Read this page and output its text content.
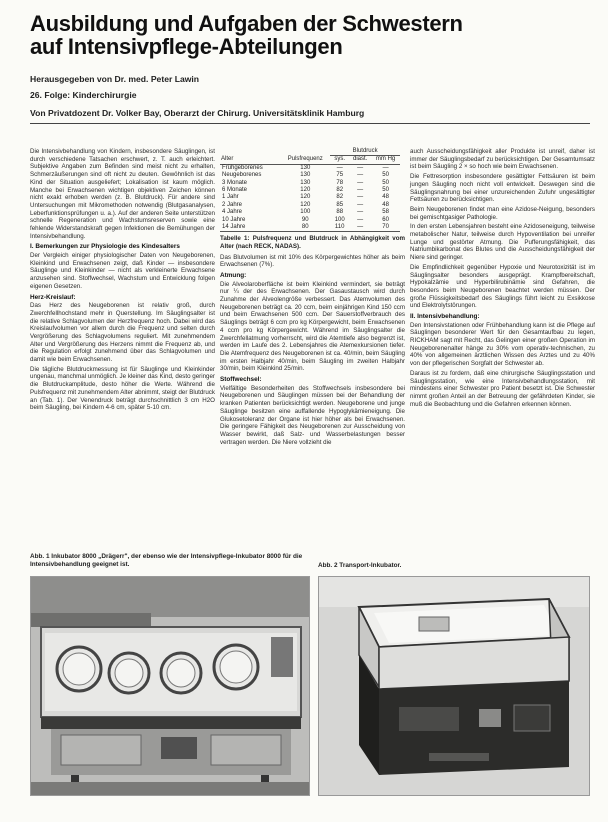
Ausbildung und Aufgaben der Schwestern
auf Intensivpflege-Abteilungen
Herausgegeben von Dr. med. Peter Lawin
26. Folge: Kinderchirurgie
Von Privatdozent Dr. Volker Bay, Oberarzt der Chirurg. Universitätsklinik Hamburg

Die Intensivbehandlung von Kindern, insbesondere Säuglingen, ist durch verschiedene Tatsachen erschwert, z. T. auch erleichtert. Subjektive Angaben zum Befinden sind meist nicht zu erhalten, Schmerzäußerungen sind oft nicht zu deuten. Gewöhnlich ist das Kind der Situation ausgeliefert; Lokalisation ist kaum möglich. Manche bei Erwachsenen wichtigen objektiven Zeichen können nicht exakt erhoben werden (z. B. Blutdruck). Für andere sind Untersuchungen mit Mikromethoden notwendig (Blutgasanalysen, Leberfunktionsprüfungen u. a.). Auf der anderen Seite unterstützen schnelle Regeneration und Wachstumsreserven sowie eine fehlende Widerstandskraft gegen Infektionen die Bemühungen der Intensivbehandlung.

I. Bemerkungen zur Physiologie des Kindesalters

Der Vergleich einiger physiologischer Daten von Neugeborenen, Kleinkind und Erwachsenen zeigt, daß Kinder — insbesondere Säuglinge und Kleinkinder — nicht als verkleinerte Erwachsene anzusehen sind. Stoffwechsel, Wachstum und Entwicklung folgen eigenen Gesetzen.

Herz-Kreislauf:

Das Herz des Neugeborenen ist relativ groß, durch Zwerchfellhochstand mehr in Querstellung. Im Säuglingsalter ist die relative Schlagvolumen der Herzfrequenz hoch. Dabei wird das Kreislaufvolumen vor allem durch die Frequenz und selten durch Vergrößerung des Schlagvolumens reguliert. Mit zunehmendem Alter und Vergrößerung des Herzens nimmt die Frequenz ab, und die Regulation erfolgt zunehmend über das Schlagvolumen und damit wie beim Erwachsenen.

Die tägliche Blutdruckmessung ist für Säuglinge und Kleinkinder ungenau, manchmal unmöglich. Je kleiner das Kind, desto geringer die Blutdruckamplitude, desto höher die Werte. Während die Pulsfrequenz mit zunehmendem Alter abnimmt, steigt der Blutdruck an (Tab. 1). Der Venendruck beträgt durchschnittlich 3 cm H2O beim Säugling, bei Kindern 4-6 cm, später 5-10 cm.

		Blutdruck		
Alter	Pulsfrequenz	sys.	diast.	mm Hg
Frühgeborenes	130	—	—	—
Neugeborenes	130	75	—	50
3 Monate	130	78	—	50
6 Monate	120	82	—	50
1 Jahr	120	82	—	48
2 Jahre	120	85	—	48
4 Jahre	100	88	—	58
10 Jahre	90	100	—	60
14 Jahre	80	110	—	70
Tabelle 1: Pulsfrequenz und Blutdruck in Abhängigkeit vom Alter (nach RECK, NADAS).

Das Blutvolumen ist mit 10% des Körpergewichtes höher als beim Erwachsenen (7%).

Atmung:

Die Alveolaroberfläche ist beim Kleinkind vermindert, sie beträgt nur ¼ der des Erwachsenen. Der Gasaustausch wird durch Zunahme der Alveolengröße verbessert. Das Atemvolumen des Neugeborenen beträgt ca. 20 ccm, beim einjährigen Kind 150 ccm und beim Erwachsenen 500 ccm. Der Sauerstoffverbrauch des Säuglings beträgt 6 ccm pro kg Körpergewicht, beim Erwachsenen 4 ccm pro kg Körpergewicht. Während im Säuglingsalter die Zwerchfellatmung vorherrscht, wird die Atemtiefe also begrenzt ist, werden im Laufe des 2. Lebensjahres die Atemexkursionen tiefer. Die Atemfrequenz des Neugeborenen ist ca. 40/min, beim Säugling im ersten Halbjahr 40/min, beim Säugling im zweiten Halbjahr 30/min, beim Kleinkind 25/min.

Stoffwechsel:

Vielfältige Besonderheiten des Stoffwechsels insbesondere bei Neugeborenen und Säuglingen müssen bei der Behandlung der kranken Patienten berücksichtigt werden. Neugeborene und junge Säuglinge besitzen eine auffallende Hypoglykämieneigung. Die Glukosetoleranz der Organe ist hier höher als bei Erwachsenen. Die geringere Fähigkeit des Neugeborenen zur Ausscheidung von Wasser bewirkt, daß Salz- und Wasserbelastungen besser vertragen werden. Die Niere vollzieht die

auch Ausscheidungsfähigkeit aller Produkte ist unreif, daher ist immer der Säuglingsbedarf zu berücksichtigen. Der Gesamtumsatz ist beim Säugling 2 × so hoch wie beim Erwachsenen.

Die Fettresorption insbesondere gesättigter Fettsäuren ist beim jungen Säugling noch nicht voll entwickelt. Deswegen sind die Säuglingsnahrung bei einer unzureichenden Zufuhr ungesättigter Fettsäuren zu berücksichtigen.

Beim Neugeborenen findet man eine Azidose-Neigung, besonders bei gemischtgasiger Pathologie.

In den ersten Lebensjahren besteht eine Azidoseneigung, teilweise metabolischer Natur, teilweise durch Hypoventilation bei unreifer Lunge und gestörter Atmung. Die Pufferungsfähigkeit, das Natriumbikarbonat des Blutes und die Ausscheidungsfähigkeit der Niere sind geringer.

Die Empfindlichkeit gegenüber Hypoxie und Neurotoxizität ist im Säuglingsalter besonders ausgeprägt. Krampfbereitschaft, Hypokalzämie und Hyperbilirubinämie sind Gefahren, die besonders beim Neugeborenen beachtet werden müssen. Der große Flüssigkeitsbedarf des Säuglings führt leicht zu Exsikkose und Elektrolytstörungen.

II. Intensivbehandlung:

Den Intensivstationen oder Frühbehandlung kann ist die Pflege auf Säuglingen besonderer Wert für den Gesamtaufbau zu legen, RICKHAM sagt mit Recht, das Gelingen einer großen Operation im Neugeborenenalter hänge zu 30% vom operativ-technischen, zu 40% von allgemeinen ärztlichen Wissen des Arztes und zu 40% von der pflegerischen Sorgfalt der Schwester ab.

Daraus ist zu fordern, daß eine chirurgische Säuglingsstation und Säuglingsstation, wie eine Intensivbehandlungsstation, mit mindestens einer Schwester pro Patient besetzt ist. Die Schwester nimmt großen Anteil an der Betreuung der gefährdeten Kinder, sie muß die Beobachtung und die Gefahren erkennen können.

Abb. 1 Inkubator 8000 „Drägerr", der ebenso wie der Intensivpflege-Inkubator 8000 für die Intensivbehandlung geeignet ist.	Abb. 2 Transport-Inkubator.
